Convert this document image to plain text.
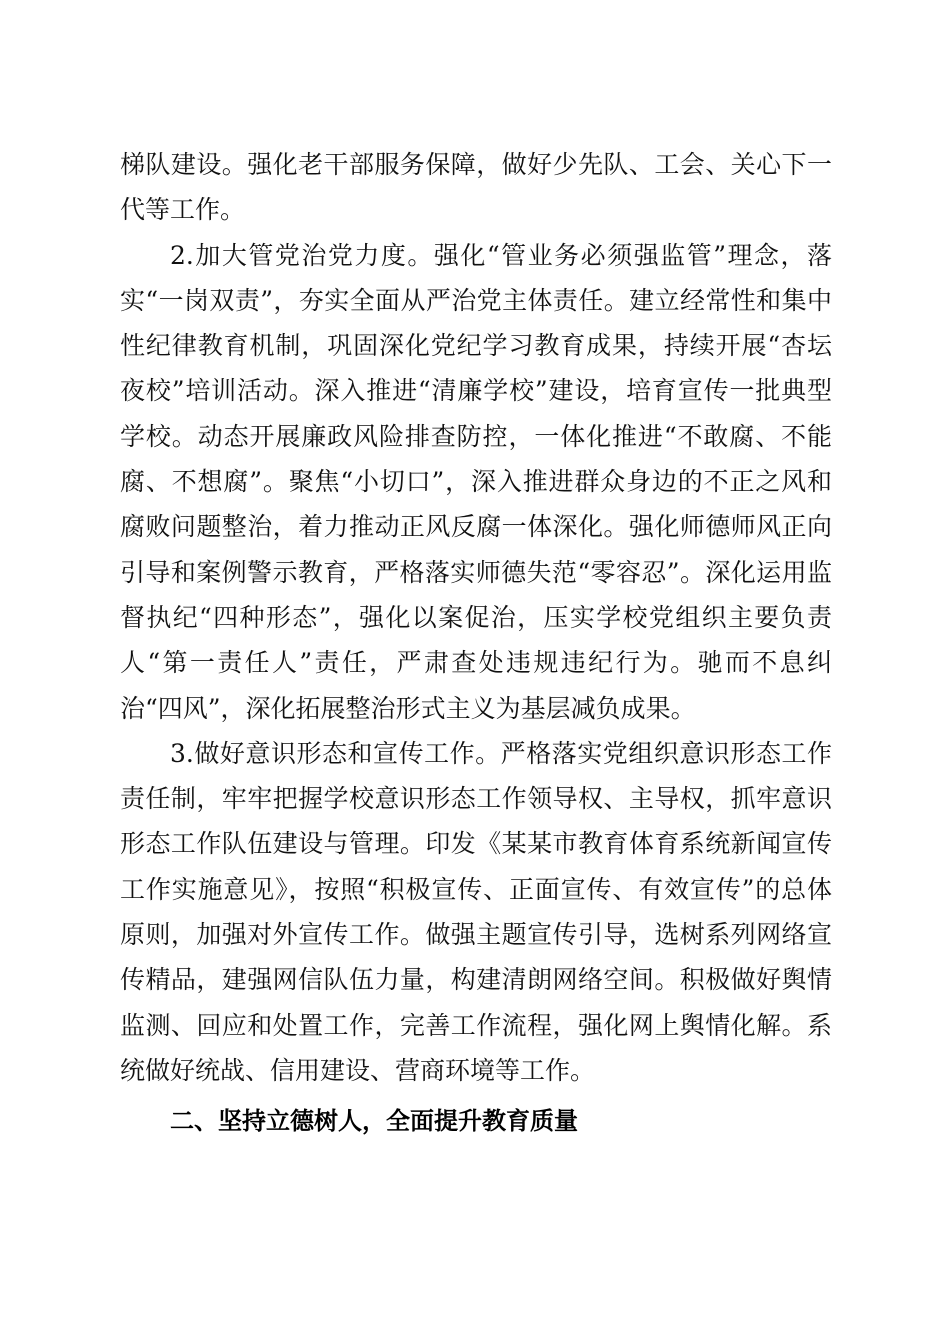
梯队建设。强化老干部服务保障，做好少先队、工会、关心下一代等工作。

2.加大管党治党力度。强化“管业务必须强监管”理念，落实“一岗双责”，夯实全面从严治党主体责任。建立经常性和集中性纪律教育机制，巩固深化党纪学习教育成果，持续开展“杏坛夜校”培训活动。深入推进“清廉学校”建设，培育宣传一批典型学校。动态开展廉政风险排查防控，一体化推进“不敢腐、不能腐、不想腐”。聚焦“小切口”，深入推进群众身边的不正之风和腐败问题整治，着力推动正风反腐一体深化。强化师德师风正向引导和案例警示教育，严格落实师德失范“零容忍”。深化运用监督执纪“四种形态”，强化以案促治，压实学校党组织主要负责人“第一责任人”责任，严肃查处违规违纪行为。驰而不息纠治“四风”，深化拓展整治形式主义为基层减负成果。

3.做好意识形态和宣传工作。严格落实党组织意识形态工作责任制，牢牢把握学校意识形态工作领导权、主导权，抓牢意识形态工作队伍建设与管理。印发《某某市教育体育系统新闻宣传工作实施意见》，按照“积极宣传、正面宣传、有效宣传”的总体原则，加强对外宣传工作。做强主题宣传引导，选树系列网络宣传精品，建强网信队伍力量，构建清朗网络空间。积极做好舆情监测、回应和处置工作，完善工作流程，强化网上舆情化解。系统做好统战、信用建设、营商环境等工作。

二、坚持立德树人，全面提升教育质量
